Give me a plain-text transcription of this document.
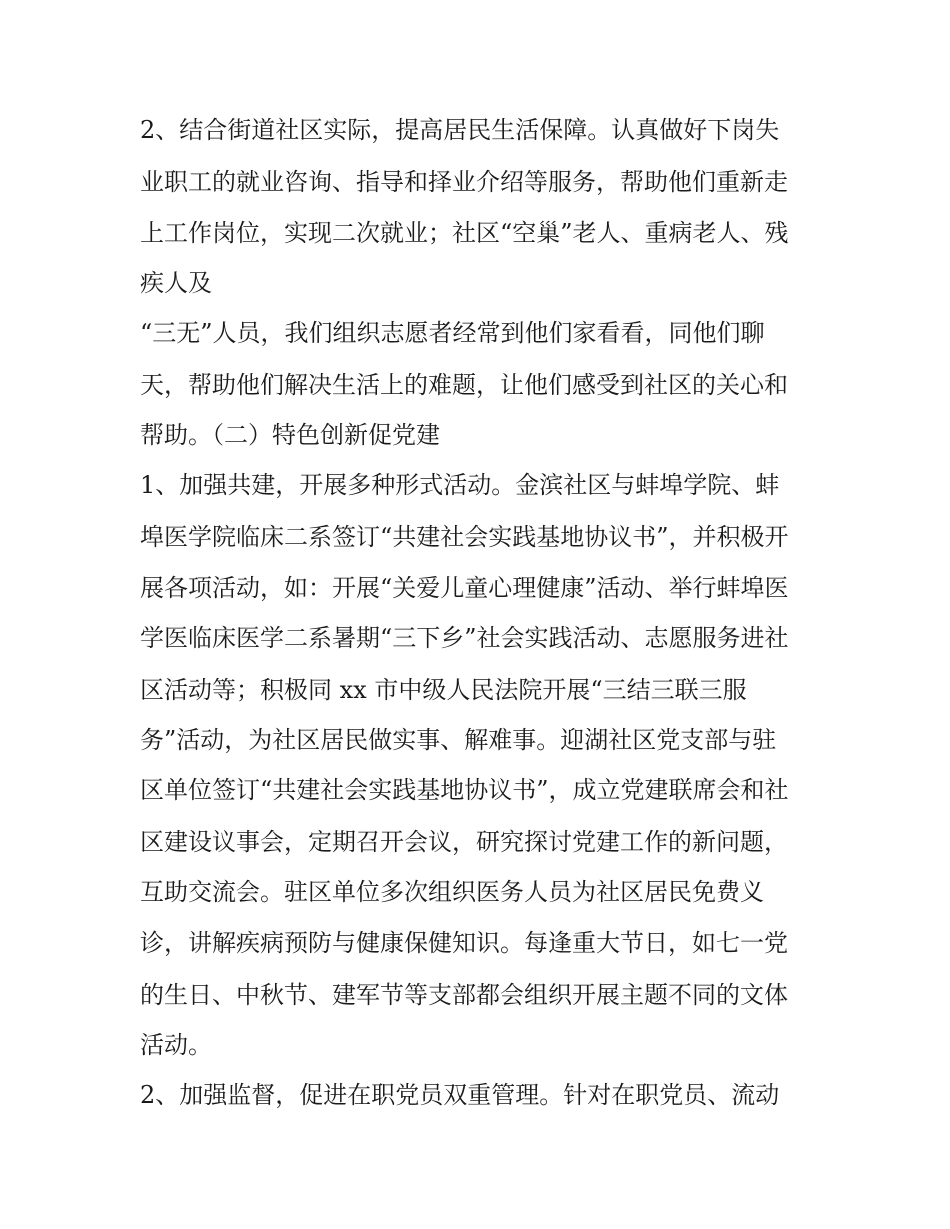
2、结合街道社区实际，提高居民生活保障。认真做好下岗失

业职工的就业咨询、指导和择业介绍等服务，帮助他们重新走

上工作岗位，实现二次就业；社区“空巢”老人、重病老人、残

疾人及

“三无”人员，我们组织志愿者经常到他们家看看，同他们聊

天，帮助他们解决生活上的难题，让他们感受到社区的关心和

帮助。（二）特色创新促党建

1、加强共建，开展多种形式活动。金滨社区与蚌埠学院、蚌

埠医学院临床二系签订“共建社会实践基地协议书”，并积极开

展各项活动，如：开展“关爱儿童心理健康”活动、举行蚌埠医

学医临床医学二系暑期“三下乡”社会实践活动、志愿服务进社

区活动等；积极同 xx 市中级人民法院开展“三结三联三服

务”活动，为社区居民做实事、解难事。迎湖社区党支部与驻

区单位签订“共建社会实践基地协议书”，成立党建联席会和社

区建设议事会，定期召开会议，研究探讨党建工作的新问题，

互助交流会。驻区单位多次组织医务人员为社区居民免费义

诊，讲解疾病预防与健康保健知识。每逢重大节日，如七一党

的生日、中秋节、建军节等支部都会组织开展主题不同的文体

活动。

2、加强监督，促进在职党员双重管理。针对在职党员、流动
